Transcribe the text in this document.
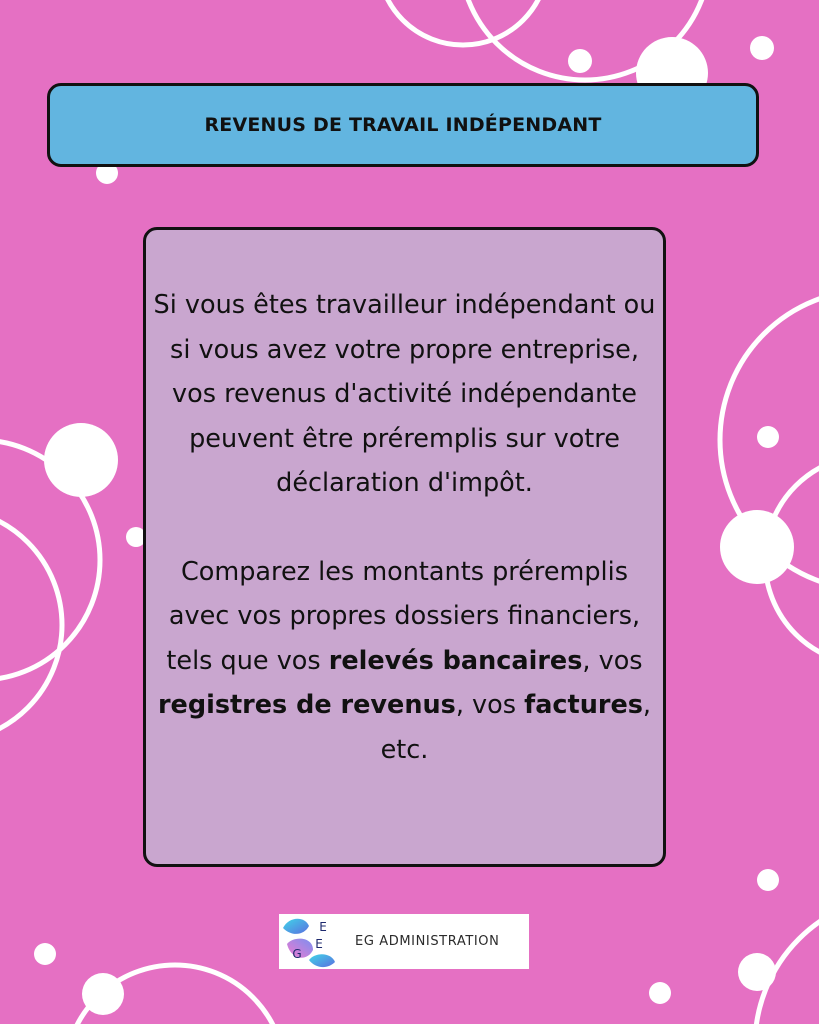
REVENUS DE TRAVAIL INDÉPENDANT

Si vous êtes travailleur indépendant ou si vous avez votre propre entreprise, vos revenus d'activité indépendante peuvent être préremplis sur votre déclaration d'impôt.

Comparez les montants préremplis avec vos propres dossiers financiers, tels que vos relevés bancaires, vos registres de revenus, vos factures, etc.

G
E
E EG ADMINISTRATION
